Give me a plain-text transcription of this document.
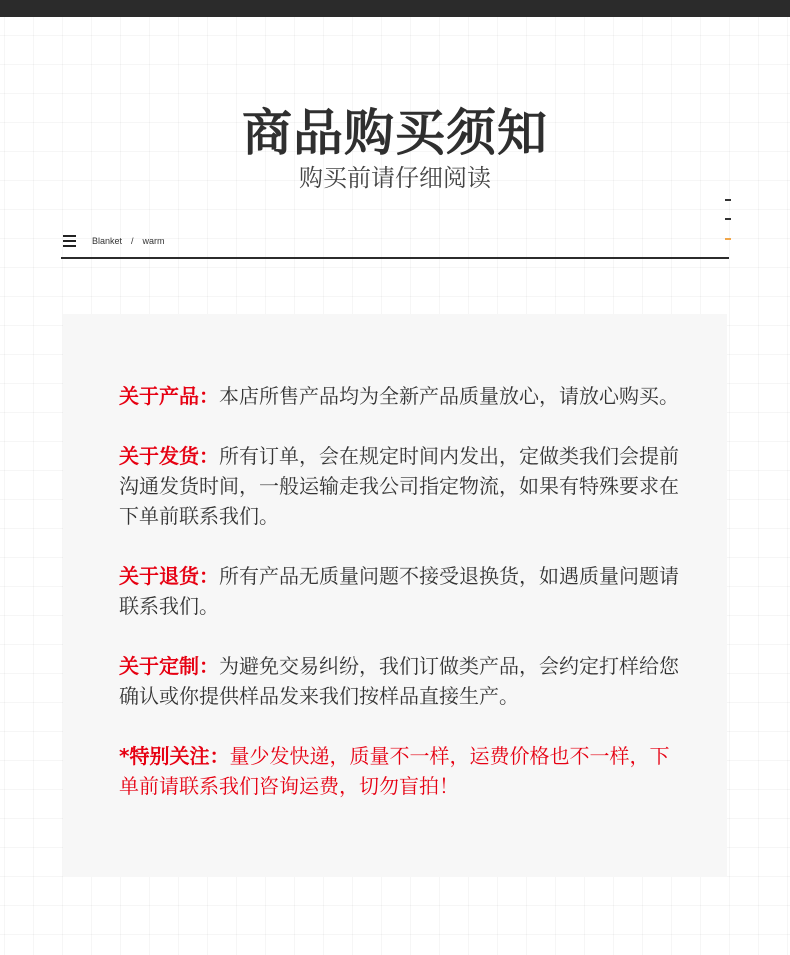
商品购买须知
购买前请仔细阅读
Blanket / warm
关于产品：本店所售产品均为全新产品质量放心，请放心购买。
关于发货：所有订单，会在规定时间内发出，定做类我们会提前沟通发货时间，一般运输走我公司指定物流，如果有特殊要求在下单前联系我们。
关于退货：所有产品无质量问题不接受退换货，如遇质量问题请联系我们。
关于定制：为避免交易纠纷，我们订做类产品，会约定打样给您确认或你提供样品发来我们按样品直接生产。
*特别关注：量少发快递，质量不一样，运费价格也不一样，下单前请联系我们咨询运费，切勿盲拍！
